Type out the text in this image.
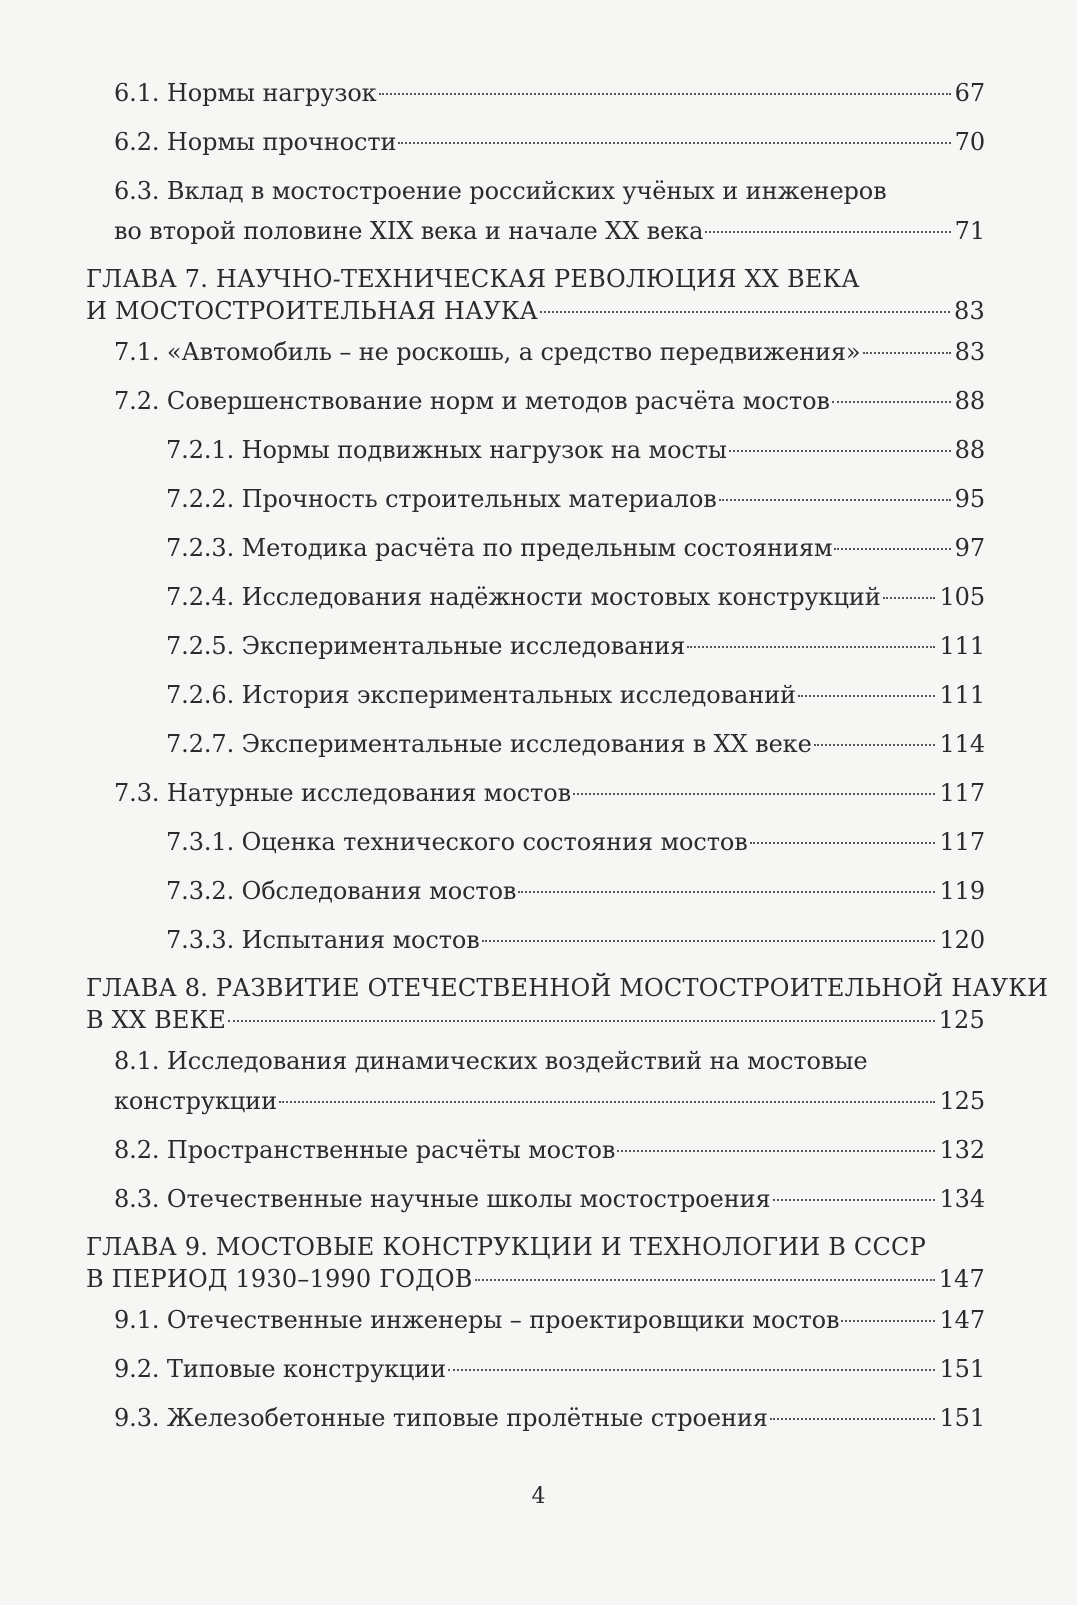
6.1. Нормы нагрузок	67
6.2. Нормы прочности	70
6.3. Вклад в мостостроение российских учёных и инженеров
во второй половине XIX века и начале XX века	71
ГЛАВА 7. НАУЧНО-ТЕХНИЧЕСКАЯ РЕВОЛЮЦИЯ XX ВЕКА
И МОСТОСТРОИТЕЛЬНАЯ НАУКА	83
7.1. «Автомобиль – не роскошь, а средство передвижения»	83
7.2. Совершенствование норм и методов расчёта мостов	88
7.2.1. Нормы подвижных нагрузок на мосты	88
7.2.2. Прочность строительных материалов	95
7.2.3. Методика расчёта по предельным состояниям	97
7.2.4. Исследования надёжности мостовых конструкций 105
7.2.5. Экспериментальные исследования	111
7.2.6. История экспериментальных исследований	111
7.2.7. Экспериментальные исследования в XX веке	114
7.3. Натурные исследования мостов	117
7.3.1. Оценка технического состояния мостов	117
7.3.2. Обследования мостов	119
7.3.3. Испытания мостов	120
ГЛАВА 8. РАЗВИТИЕ ОТЕЧЕСТВЕННОЙ МОСТОСТРОИТЕЛЬНОЙ НАУКИ
В XX ВЕКЕ	125
8.1. Исследования динамических воздействий на мостовые
конструкции	125
8.2. Пространственные расчёты мостов	132
8.3. Отечественные научные школы мостостроения	134
ГЛАВА 9. МОСТОВЫЕ КОНСТРУКЦИИ И ТЕХНОЛОГИИ В СССР
В ПЕРИОД 1930–1990 ГОДОВ	147
9.1. Отечественные инженеры – проектировщики мостов	147
9.2. Типовые конструкции	151
9.3. Железобетонные типовые пролётные строения	151
4
